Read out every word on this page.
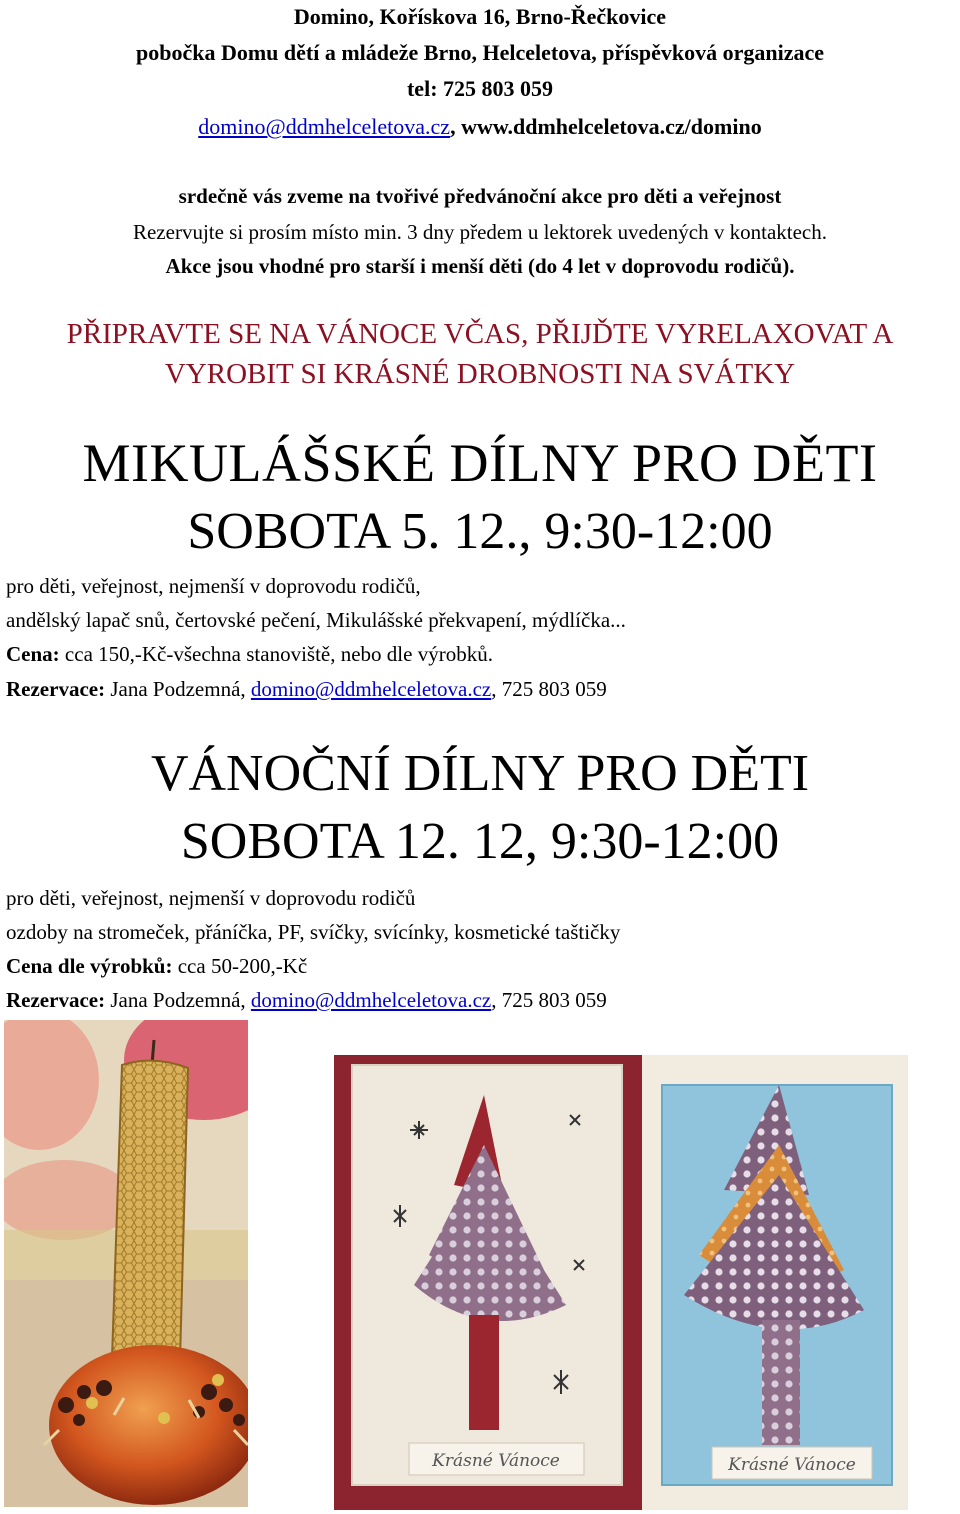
Domino, Kořískova 16, Brno-Řečkovice
pobočka Domu dětí a mládeže Brno, Helceletova, příspěvková organizace
tel: 725 803 059
domino@ddmhelceletova.cz, www.ddmhelceletova.cz/domino
srdečně vás zveme na tvořivé předvánoční akce pro děti a veřejnost
Rezervujte si prosím místo min. 3 dny předem u lektorek uvedených v kontaktech.
Akce jsou vhodné pro starší i menší děti (do 4 let v doprovodu rodičů).
PŘIPRAVTE SE NA VÁNOCE VČAS, PŘIJĎTE VYRELAXOVAT A
VYROBIT SI KRÁSNÉ DROBNOSTI NA SVÁTKY
MIKULÁŠSKÉ DÍLNY PRO DĚTI
SOBOTA 5. 12., 9:30-12:00
pro děti, veřejnost, nejmenší v doprovodu rodičů,
andělský lapač snů, čertovské pečení, Mikulášské překvapení, mýdlíčka...
Cena: cca 150,-Kč-všechna stanoviště, nebo dle výrobků.
Rezervace: Jana Podzemná, domino@ddmhelceletova.cz, 725 803 059
VÁNOČNÍ DÍLNY PRO DĚTI
SOBOTA 12. 12, 9:30-12:00
pro děti, veřejnost, nejmenší v doprovodu rodičů
ozdoby na stromeček, přáníčka, PF, svíčky, svícínky, kosmetické taštičky
Cena dle výrobků: cca 50-200,-Kč
Rezervace: Jana Podzemná, domino@ddmhelceletova.cz, 725 803 059
Krásné Vánoce	Krásné Vánoce
